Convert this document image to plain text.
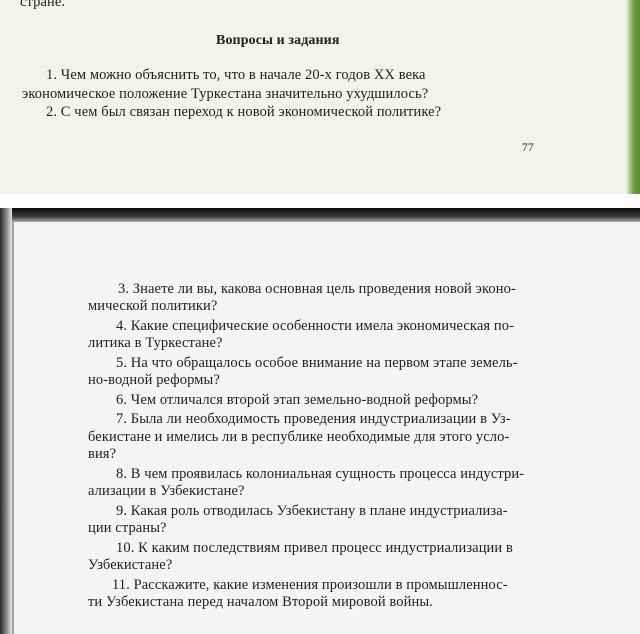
стране.
Вопросы и задания
1. Чем можно объяснить то, что в начале 20-х годов XX века
экономическое положение Туркестана значительно ухудшилось?
2. С чем был связан переход к новой экономической политике?
77
3. Знаете ли вы, какова основная цель проведения новой эконо-
мической политики?
4. Какие специфические особенности имела экономическая по-
литика в Туркестане?
5. На что обращалось особое внимание на первом этапе земель-
но-водной реформы?
6. Чем отличался второй этап земельно-водной реформы?
7. Была ли необходимость проведения индустриализации в Уз-
бекистане и имелись ли в республике необходимые для этого усло-
вия?
8. В чем проявилась колониальная сущность процесса индустри-
ализации в Узбекистане?
9. Какая роль отводилась Узбекистану в плане индустриализа-
ции страны?
10. К каким последствиям привел процесс индустриализации в
Узбекистане?
11. Расскажите, какие изменения произошли в промышленнос-
ти Узбекистана перед началом Второй мировой войны.
